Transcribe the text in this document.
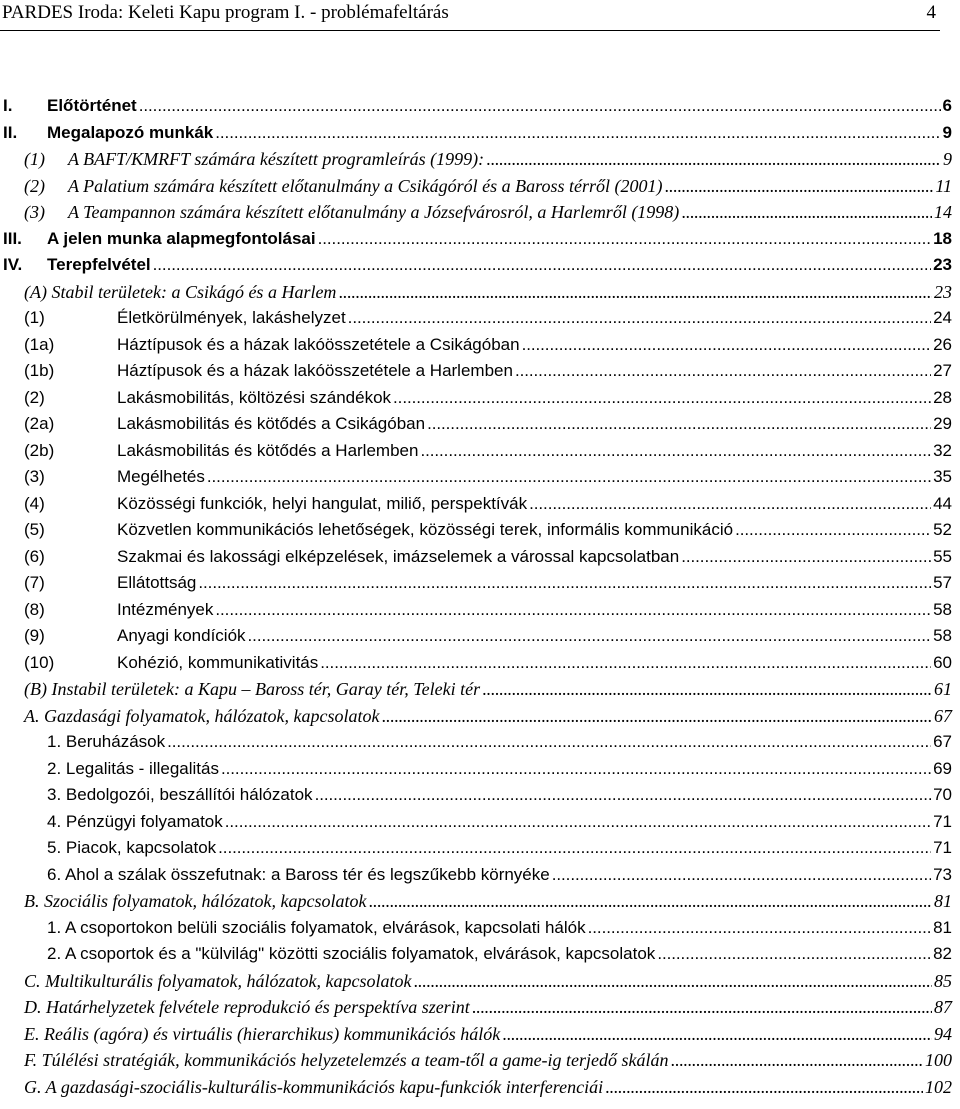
PARDES Iroda: Keleti Kapu program I. - problémafeltárás	4
I. Előtörténet	6
. . .
II. Megalapozó munkák	9
. . .
(1) A BAFT/KMRFT számára készített programleírás (1999):	9
. . .
(2) A Palatium számára készített előtanulmány a Csikágóról és a Baross térről (2001)	11
. . .
(3) A Teampannon számára készített előtanulmány a Józsefvárosról, a Harlemről (1998)	14
. . .
III. A jelen munka alapmegfontolásai	18
. . .
IV. Terepfelvétel	23
. . .
(A) Stabil területek: a Csikágó és a Harlem	23
. . .
(1)	Életkörülmények, lakáshelyzet	24
. . .
(1a)	Háztípusok és a házak lakóösszetétele a Csikágóban	26
. . .
(1b)	Háztípusok és a házak lakóösszetétele a Harlemben	27
. . .
(2)	Lakásmobilitás, költözési szándékok	28
. . .
(2a)	Lakásmobilitás és kötődés a Csikágóban	29
. . .
(2b)	Lakásmobilitás és kötődés a Harlemben	32
. . .
(3)	Megélhetés	35
. . .
(4)	Közösségi funkciók, helyi hangulat, miliő, perspektívák	44
. . .
(5)	Közvetlen kommunikációs lehetőségek, közösségi terek, informális kommunikáció	52
. . .
(6)	Szakmai és lakossági elképzelések, imázselemek a várossal kapcsolatban	55
. . .
(7)	Ellátottság	57
. . .
(8)	Intézmények	58
. . .
(9)	Anyagi kondíciók	58
. . .
(10)	Kohézió, kommunikativitás	60
. . .
(B) Instabil területek: a Kapu – Baross tér, Garay tér, Teleki tér	61
. . .
A. Gazdasági folyamatok, hálózatok, kapcsolatok	67
. . .
1. Beruházások	67
. . .
2. Legalitás - illegalitás	69
. . .
3. Bedolgozói, beszállítói hálózatok	70
. . .
4. Pénzügyi folyamatok	71
. . .
5. Piacok, kapcsolatok	71
. . .
6. Ahol a szálak összefutnak: a Baross tér és legszűkebb környéke	73
. . .
B. Szociális folyamatok, hálózatok, kapcsolatok	81
. . .
1. A csoportokon belüli szociális folyamatok, elvárások, kapcsolati hálók	81
. . .
2. A csoportok és a "külvilág" közötti szociális folyamatok, elvárások, kapcsolatok	82
. . .
C. Multikulturális folyamatok, hálózatok, kapcsolatok	85
. . .
D. Határhelyzetek felvétele reprodukció és perspektíva szerint	87
. . .
E. Reális (agóra) és virtuális (hierarchikus) kommunikációs hálók	94
. . .
F. Túlélési stratégiák, kommunikációs helyzetelemzés a team-től a game-ig terjedő skálán	100
. . .
G. A gazdasági-szociális-kulturális-kommunikációs kapu-funkciók interferenciái	102
. . .
